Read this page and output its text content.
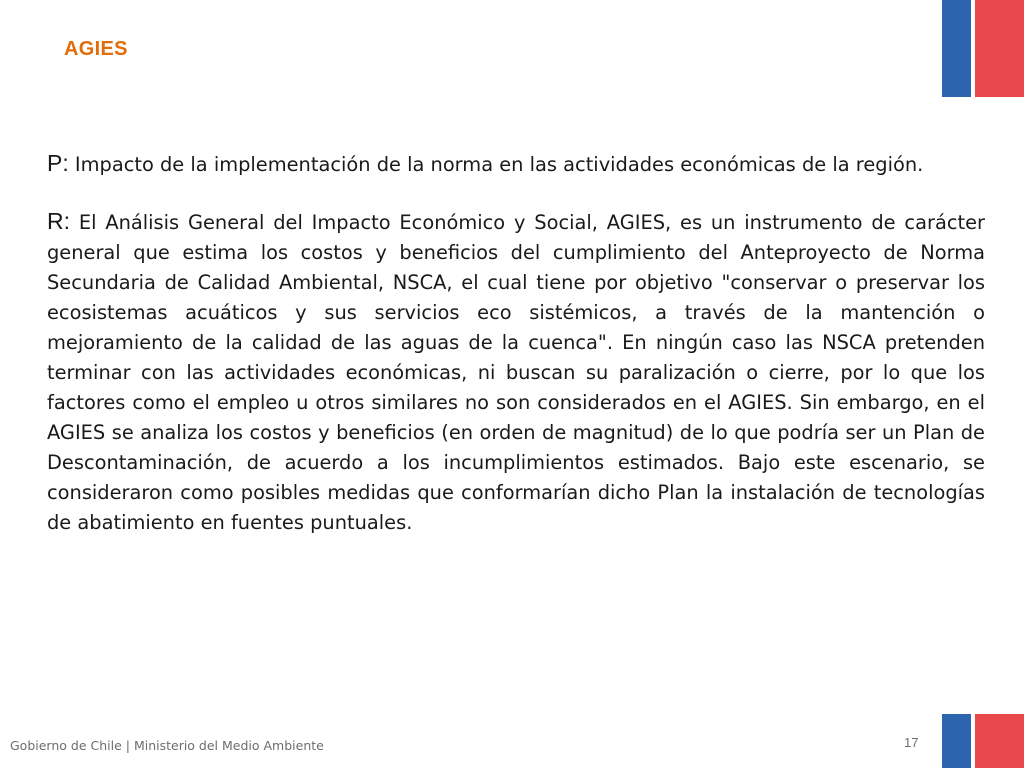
AGIES

P: Impacto de la implementación de la norma en las actividades económicas de la región.

R: El Análisis General del Impacto Económico y Social, AGIES, es un instrumento de carácter general que estima los costos y beneficios del cumplimiento del Anteproyecto de Norma Secundaria de Calidad Ambiental, NSCA, el cual tiene por objetivo "conservar o preservar los ecosistemas acuáticos y sus servicios eco sistémicos, a través de la mantención o mejoramiento de la calidad de las aguas de la cuenca". En ningún caso las NSCA pretenden terminar con las actividades económicas, ni buscan su paralización o cierre, por lo que los factores como el empleo u otros similares no son considerados en el AGIES. Sin embargo, en el AGIES se analiza los costos y beneficios (en orden de magnitud) de lo que podría ser un Plan de Descontaminación, de acuerdo a los incumplimientos estimados. Bajo este escenario, se consideraron como posibles medidas que conformarían dicho Plan la instalación de tecnologías de abatimiento en fuentes puntuales.

Gobierno de Chile | Ministerio del Medio Ambiente	17
